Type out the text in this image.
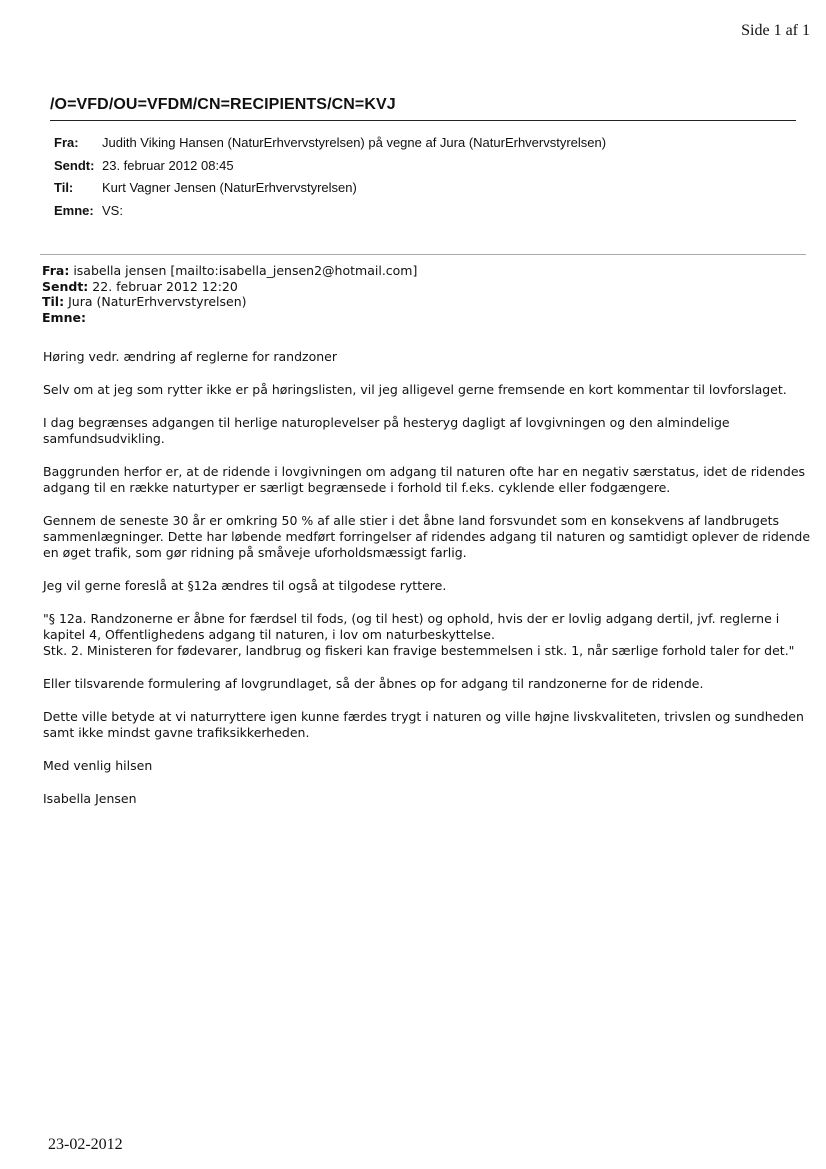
Side 1 af 1
/O=VFD/OU=VFDM/CN=RECIPIENTS/CN=KVJ
Fra: Judith Viking Hansen (NaturErhvervstyrelsen) på vegne af Jura (NaturErhvervstyrelsen)
Sendt: 23. februar 2012 08:45
Til: Kurt Vagner Jensen (NaturErhvervstyrelsen)
Emne: VS:
Fra: isabella jensen [mailto:isabella_jensen2@hotmail.com]
Sendt: 22. februar 2012 12:20
Til: Jura (NaturErhvervstyrelsen)
Emne:

Høring vedr. ændring af reglerne for randzoner

Selv om at jeg som rytter ikke er på høringslisten, vil jeg alligevel gerne fremsende en kort kommentar til lovforslaget.

I dag begrænses adgangen til herlige naturoplevelser på hesteryg dagligt af lovgivningen og den almindelige
samfundsudvikling.

Baggrunden herfor er, at de ridende i lovgivningen om adgang til naturen ofte har en negativ særstatus, idet de ridendes
adgang til en række naturtyper er særligt begrænsede i forhold til f.eks. cyklende eller fodgængere.

Gennem de seneste 30 år er omkring 50 % af alle stier i det åbne land forsvundet som en konsekvens af landbrugets
sammenlægninger. Dette har løbende medført forringelser af ridendes adgang til naturen og samtidigt oplever de ridende
en øget trafik, som gør ridning på småveje uforholdsmæssigt farlig.

Jeg vil gerne foreslå at §12a ændres til også at tilgodese ryttere.

"§ 12a. Randzonerne er åbne for færdsel til fods, (og til hest) og ophold, hvis der er lovlig adgang dertil, jvf. reglerne i
kapitel 4, Offentlighedens adgang til naturen, i lov om naturbeskyttelse.
Stk. 2. Ministeren for fødevarer, landbrug og fiskeri kan fravige bestemmelsen i stk. 1, når særlige forhold taler for det."

Eller tilsvarende formulering af lovgrundlaget, så der åbnes op for adgang til randzonerne for de ridende.

Dette ville betyde at vi naturryttere igen kunne færdes trygt i naturen og ville højne livskvaliteten, trivslen og sundheden
samt ikke mindst gavne trafiksikkerheden.

Med venlig hilsen

Isabella Jensen

23-02-2012
